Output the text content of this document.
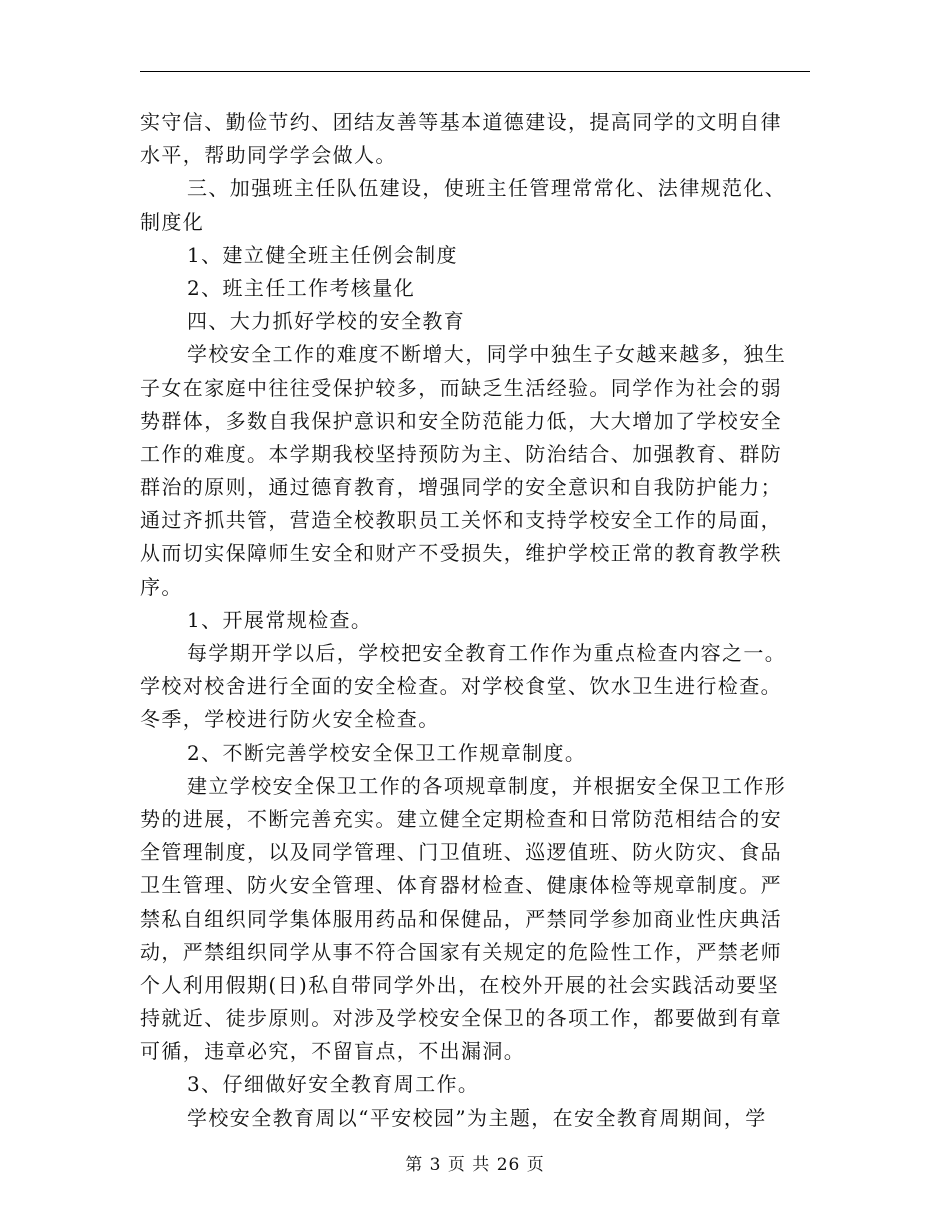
实守信、勤俭节约、团结友善等基本道德建设，提高同学的文明自律
水平，帮助同学学会做人。
三、加强班主任队伍建设，使班主任管理常常化、法律规范化、
制度化
1、建立健全班主任例会制度
2、班主任工作考核量化
四、大力抓好学校的安全教育
学校安全工作的难度不断增大，同学中独生子女越来越多，独生
子女在家庭中往往受保护较多，而缺乏生活经验。同学作为社会的弱
势群体，多数自我保护意识和安全防范能力低，大大增加了学校安全
工作的难度。本学期我校坚持预防为主、防治结合、加强教育、群防
群治的原则，通过德育教育，增强同学的安全意识和自我防护能力；
通过齐抓共管，营造全校教职员工关怀和支持学校安全工作的局面，
从而切实保障师生安全和财产不受损失，维护学校正常的教育教学秩
序。
1、开展常规检查。
每学期开学以后，学校把安全教育工作作为重点检查内容之一。
学校对校舍进行全面的安全检查。对学校食堂、饮水卫生进行检查。
冬季，学校进行防火安全检查。
2、不断完善学校安全保卫工作规章制度。
建立学校安全保卫工作的各项规章制度，并根据安全保卫工作形
势的进展，不断完善充实。建立健全定期检查和日常防范相结合的安
全管理制度，以及同学管理、门卫值班、巡逻值班、防火防灾、食品
卫生管理、防火安全管理、体育器材检查、健康体检等规章制度。严
禁私自组织同学集体服用药品和保健品，严禁同学参加商业性庆典活
动，严禁组织同学从事不符合国家有关规定的危险性工作，严禁老师
个人利用假期(日)私自带同学外出，在校外开展的社会实践活动要坚
持就近、徒步原则。对涉及学校安全保卫的各项工作，都要做到有章
可循，违章必究，不留盲点，不出漏洞。
3、仔细做好安全教育周工作。
学校安全教育周以“平安校园”为主题，在安全教育周期间，学
第 3 页 共 26 页
